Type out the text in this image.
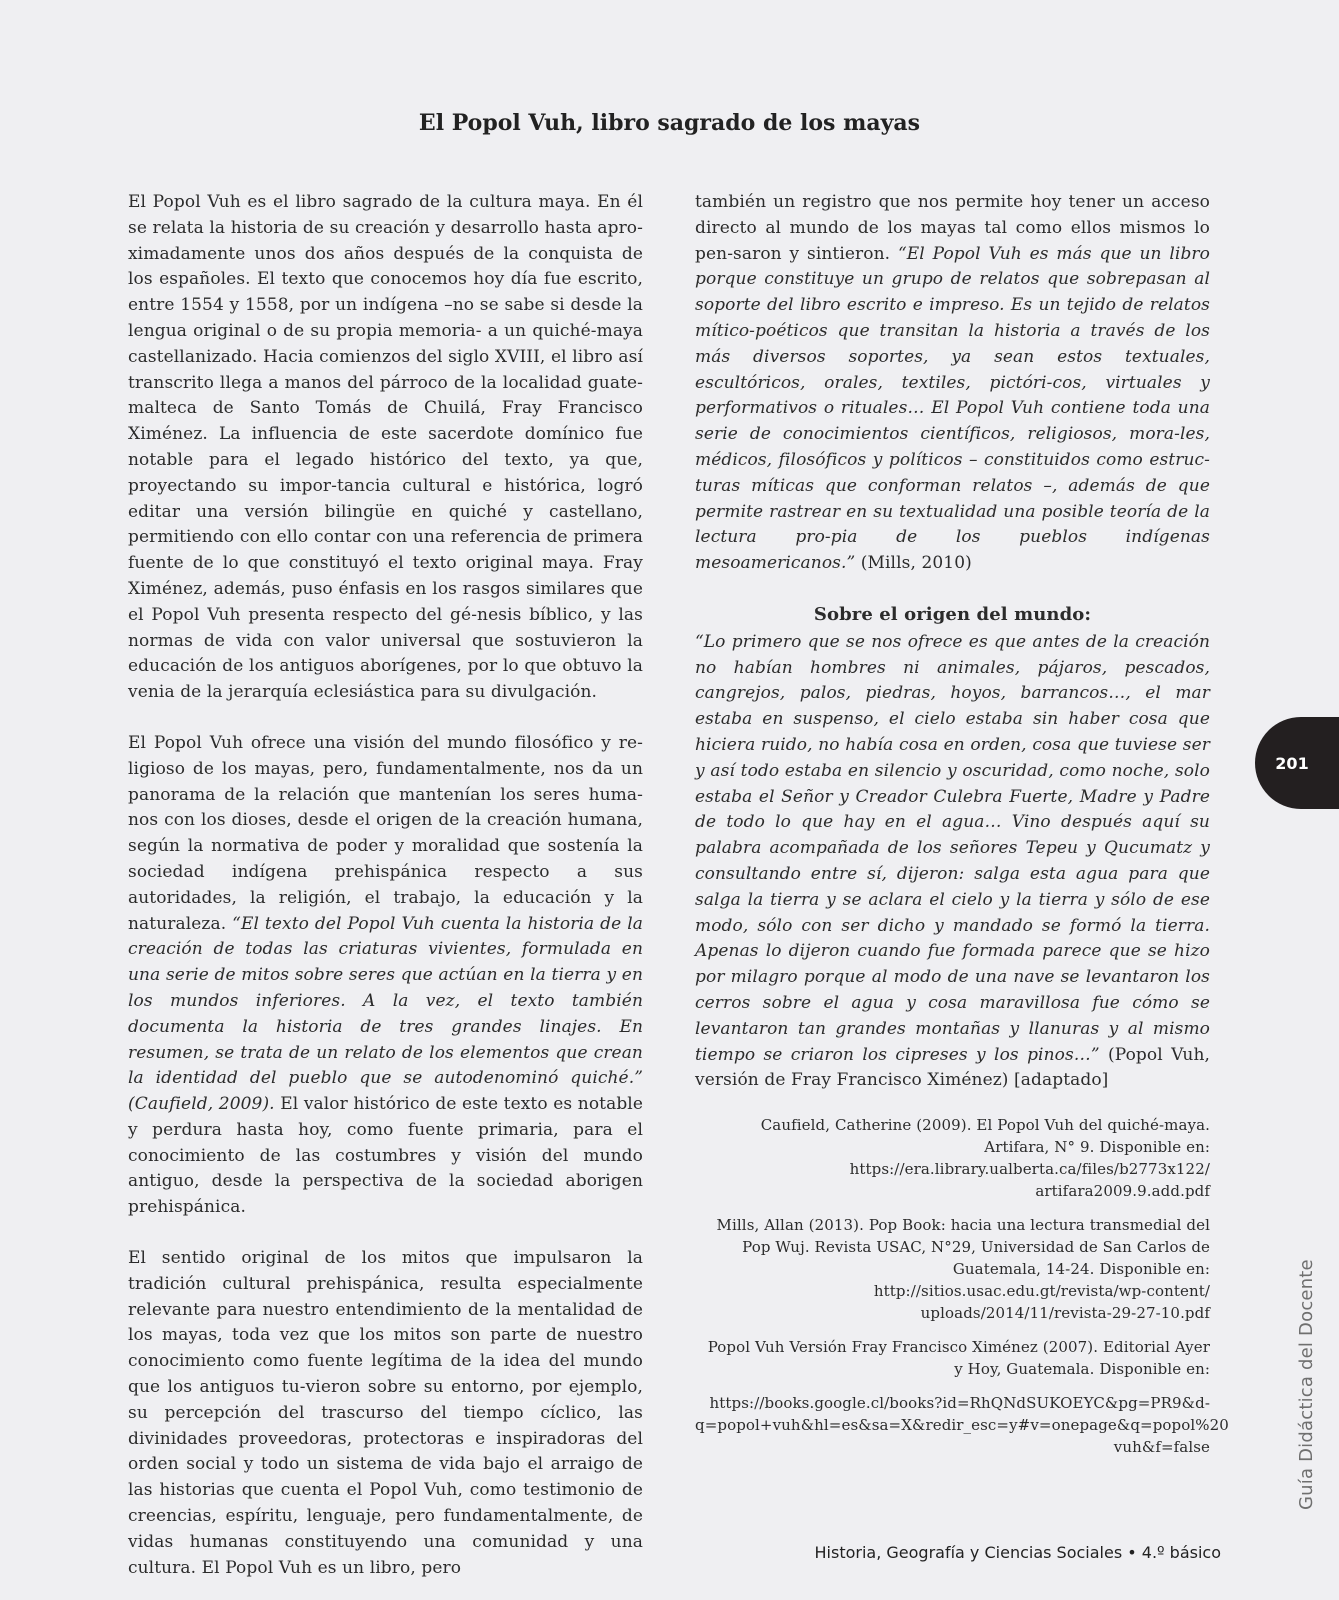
El Popol Vuh, libro sagrado de los mayas

El Popol Vuh es el libro sagrado de la cultura maya. En él se relata la historia de su creación y desarrollo hasta apro-ximadamente unos dos años después de la conquista de los españoles. El texto que conocemos hoy día fue escrito, entre 1554 y 1558, por un indígena –no se sabe si desde la lengua original o de su propia memoria- a un quiché-maya castellanizado. Hacia comienzos del siglo XVIII, el libro así transcrito llega a manos del párroco de la localidad guate-malteca de Santo Tomás de Chuilá, Fray Francisco Ximénez. La influencia de este sacerdote domínico fue notable para el legado histórico del texto, ya que, proyectando su impor-tancia cultural e histórica, logró editar una versión bilingüe en quiché y castellano, permitiendo con ello contar con una referencia de primera fuente de lo que constituyó el texto original maya. Fray Ximénez, además, puso énfasis en los rasgos similares que el Popol Vuh presenta respecto del gé-nesis bíblico, y las normas de vida con valor universal que sostuvieron la educación de los antiguos aborígenes, por lo que obtuvo la venia de la jerarquía eclesiástica para su divulgación.

El Popol Vuh ofrece una visión del mundo filosófico y re-ligioso de los mayas, pero, fundamentalmente, nos da un panorama de la relación que mantenían los seres huma-nos con los dioses, desde el origen de la creación humana, según la normativa de poder y moralidad que sostenía la sociedad indígena prehispánica respecto a sus autoridades, la religión, el trabajo, la educación y la naturaleza. “El texto del Popol Vuh cuenta la historia de la creación de todas las criaturas vivientes, formulada en una serie de mitos sobre seres que actúan en la tierra y en los mundos inferiores. A la vez, el texto también documenta la historia de tres grandes linajes. En resumen, se trata de un relato de los elementos que crean la identidad del pueblo que se autodenominó quiché.” (Caufield, 2009). El valor histórico de este texto es notable y perdura hasta hoy, como fuente primaria, para el conocimiento de las costumbres y visión del mundo antiguo, desde la perspectiva de la sociedad aborigen prehispánica.

El sentido original de los mitos que impulsaron la tradición cultural prehispánica, resulta especialmente relevante para nuestro entendimiento de la mentalidad de los mayas, toda vez que los mitos son parte de nuestro conocimiento como fuente legítima de la idea del mundo que los antiguos tu-vieron sobre su entorno, por ejemplo, su percepción del trascurso del tiempo cíclico, las divinidades proveedoras, protectoras e inspiradoras del orden social y todo un sistema de vida bajo el arraigo de las historias que cuenta el Popol Vuh, como testimonio de creencias, espíritu, lenguaje, pero fundamentalmente, de vidas humanas constituyendo una comunidad y una cultura. El Popol Vuh es un libro, pero

también un registro que nos permite hoy tener un acceso directo al mundo de los mayas tal como ellos mismos lo pen-saron y sintieron. “El Popol Vuh es más que un libro porque constituye un grupo de relatos que sobrepasan al soporte del libro escrito e impreso. Es un tejido de relatos mítico-poéticos que transitan la historia a través de los más diversos soportes, ya sean estos textuales, escultóricos, orales, textiles, pictóri-cos, virtuales y performativos o rituales… El Popol Vuh contiene toda una serie de conocimientos científicos, religiosos, mora-les, médicos, filosóficos y políticos – constituidos como estruc-turas míticas que conforman relatos –, además de que permite rastrear en su textualidad una posible teoría de la lectura pro-pia de los pueblos indígenas mesoamericanos.” (Mills, 2010)

Sobre el origen del mundo:

“Lo primero que se nos ofrece es que antes de la creación no habían hombres ni animales, pájaros, pescados, cangrejos, palos, piedras, hoyos, barrancos…, el mar estaba en suspenso, el cielo estaba sin haber cosa que hiciera ruido, no había cosa en orden, cosa que tuviese ser y así todo estaba en silencio y oscuridad, como noche, solo estaba el Señor y Creador Culebra Fuerte, Madre y Padre de todo lo que hay en el agua… Vino después aquí su palabra acompañada de los señores Tepeu y Qucumatz y consultando entre sí, dijeron: salga esta agua para que salga la tierra y se aclara el cielo y la tierra y sólo de ese modo, sólo con ser dicho y mandado se formó la tierra. Apenas lo dijeron cuando fue formada parece que se hizo por milagro porque al modo de una nave se levantaron los cerros sobre el agua y cosa maravillosa fue cómo se levantaron tan grandes montañas y llanuras y al mismo tiempo se criaron los cipreses y los pinos…” (Popol Vuh, versión de Fray Francisco Ximénez) [adaptado]

Caufield, Catherine (2009). El Popol Vuh del quiché-maya. Artifara, N° 9. Disponible en: https://era.library.ualberta.ca/files/b2773x122/ artifara2009.9.add.pdf

Mills, Allan (2013). Pop Book: hacia una lectura transmedial del Pop Wuj. Revista USAC, N°29, Universidad de San Carlos de Guatemala, 14-24. Disponible en: http://sitios.usac.edu.gt/revista/wp-content/ uploads/2014/11/revista-29-27-10.pdf

Popol Vuh Versión Fray Francisco Ximénez (2007). Editorial Ayer y Hoy, Guatemala. Disponible en:

https://books.google.cl/books?id=RhQNdSUKOEYC&pg=PR9&d-q=popol+vuh&hl=es&sa=X&redir_esc=y#v=onepage&q=popol%20 vuh&f=false

201
Guía Didáctica del Docente
Historia, Geografía y Ciencias Sociales • 4.º básico
